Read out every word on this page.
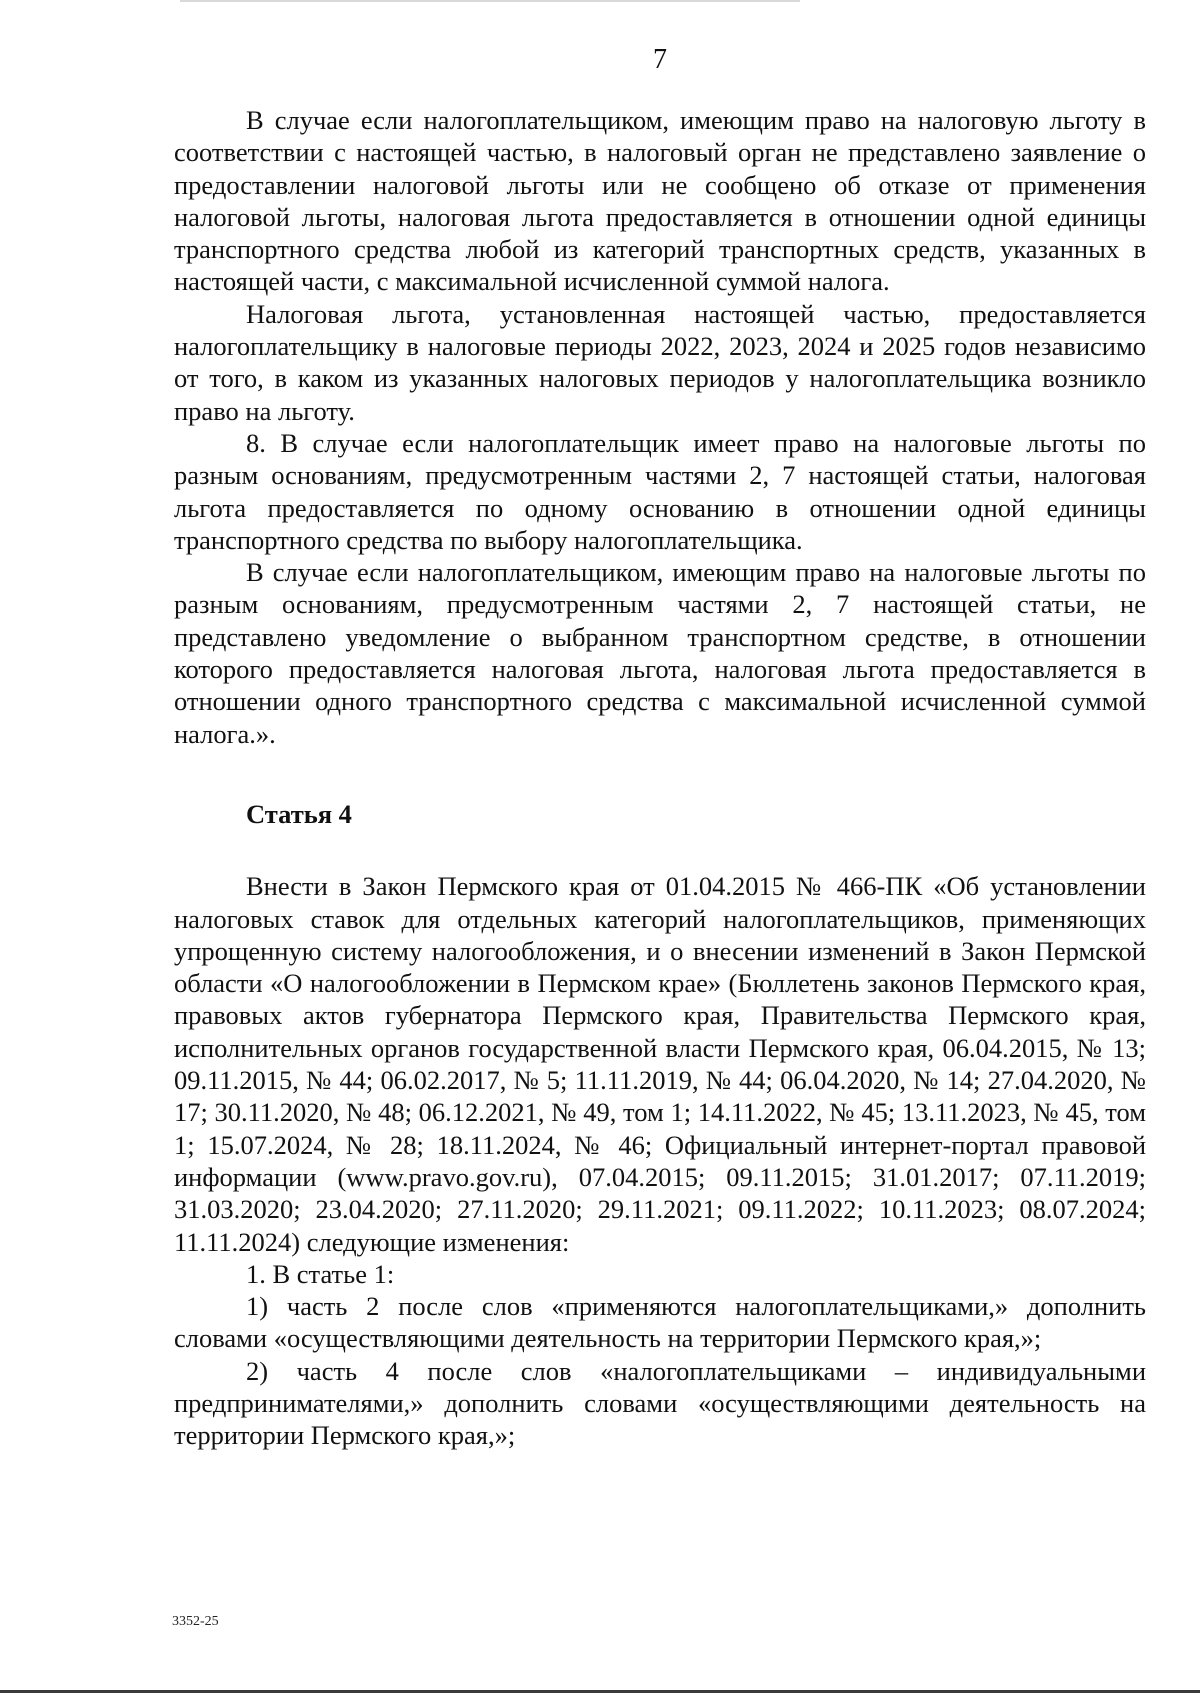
7

В случае если налогоплательщиком, имеющим право на налоговую льготу в соответствии с настоящей частью, в налоговый орган не представлено заявление о предоставлении налоговой льготы или не сообщено об отказе от применения налоговой льготы, налоговая льгота предоставляется в отношении одной единицы транспортного средства любой из категорий транспортных средств, указанных в настоящей части, с максимальной исчисленной суммой налога.

Налоговая льгота, установленная настоящей частью, предоставляется налогоплательщику в налоговые периоды 2022, 2023, 2024 и 2025 годов независимо от того, в каком из указанных налоговых периодов у налогоплательщика возникло право на льготу.

8. В случае если налогоплательщик имеет право на налоговые льготы по разным основаниям, предусмотренным частями 2, 7 настоящей статьи, налоговая льгота предоставляется по одному основанию в отношении одной единицы транспортного средства по выбору налогоплательщика.

В случае если налогоплательщиком, имеющим право на налоговые льготы по разным основаниям, предусмотренным частями 2, 7 настоящей статьи, не представлено уведомление о выбранном транспортном средстве, в отношении которого предоставляется налоговая льгота, налоговая льгота предоставляется в отношении одного транспортного средства с максимальной исчисленной суммой налога.».

Статья 4

Внести в Закон Пермского края от 01.04.2015 № 466-ПК «Об установлении налоговых ставок для отдельных категорий налогоплательщиков, применяющих упрощенную систему налогообложения, и о внесении изменений в Закон Пермской области «О налогообложении в Пермском крае» (Бюллетень законов Пермского края, правовых актов губернатора Пермского края, Правительства Пермского края, исполнительных органов государственной власти Пермского края, 06.04.2015, № 13; 09.11.2015, № 44; 06.02.2017, № 5; 11.11.2019, № 44; 06.04.2020, № 14; 27.04.2020, № 17; 30.11.2020, № 48; 06.12.2021, № 49, том 1; 14.11.2022, № 45; 13.11.2023, № 45, том 1; 15.07.2024, № 28; 18.11.2024, № 46; Официальный интернет-портал правовой информации (www.pravo.gov.ru), 07.04.2015; 09.11.2015; 31.01.2017; 07.11.2019; 31.03.2020; 23.04.2020; 27.11.2020; 29.11.2021; 09.11.2022; 10.11.2023; 08.07.2024; 11.11.2024) следующие изменения:

1. В статье 1:

1) часть 2 после слов «применяются налогоплательщиками,» дополнить словами «осуществляющими деятельность на территории Пермского края,»;

2) часть 4 после слов «налогоплательщиками – индивидуальными предпринимателями,» дополнить словами «осуществляющими деятельность на территории Пермского края,»;

3352-25
